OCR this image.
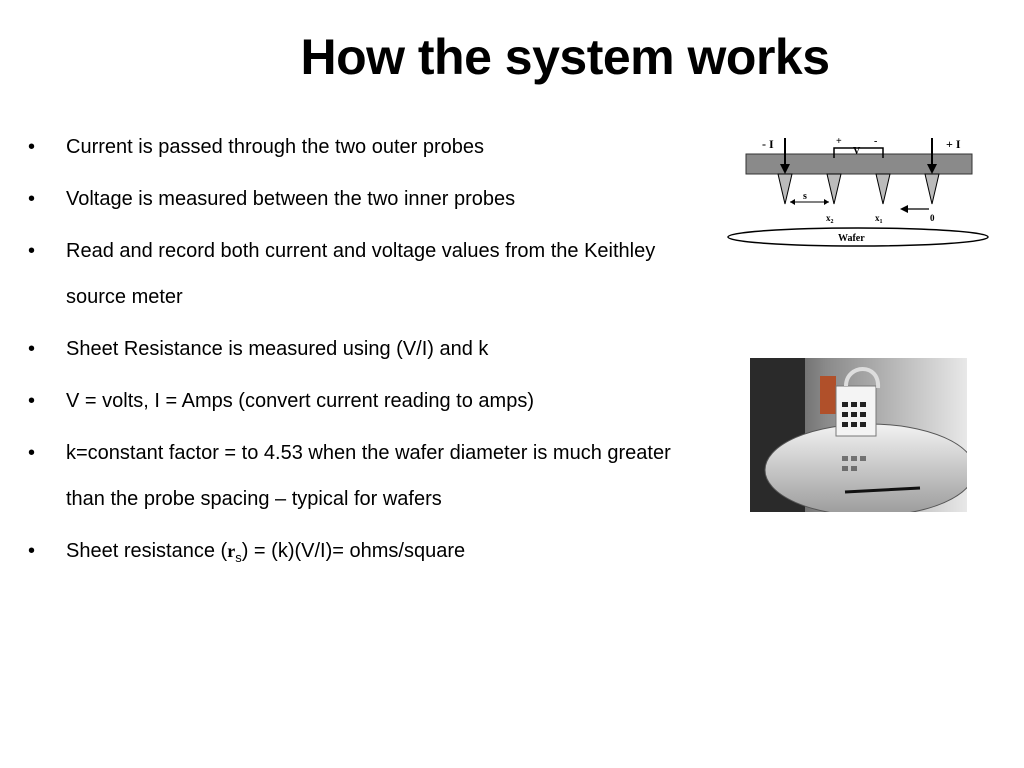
How the system works
• Current is passed through the two outer probes
• Voltage is measured between the two inner probes
• Read and record both current and voltage values from the Keithley source meter
• Sheet Resistance is measured using (V/I) and k
• V = volts, I = Amps (convert current reading to amps)
• k=constant factor = to 4.53 when the wafer diameter is much greater than the probe spacing – typical for wafers
• Sheet resistance $(r_s) = (k)(V/I)=$ ohms/square
- I	+ I
+	-
V
s
$x_2$	$x_1$	0
Wafer
